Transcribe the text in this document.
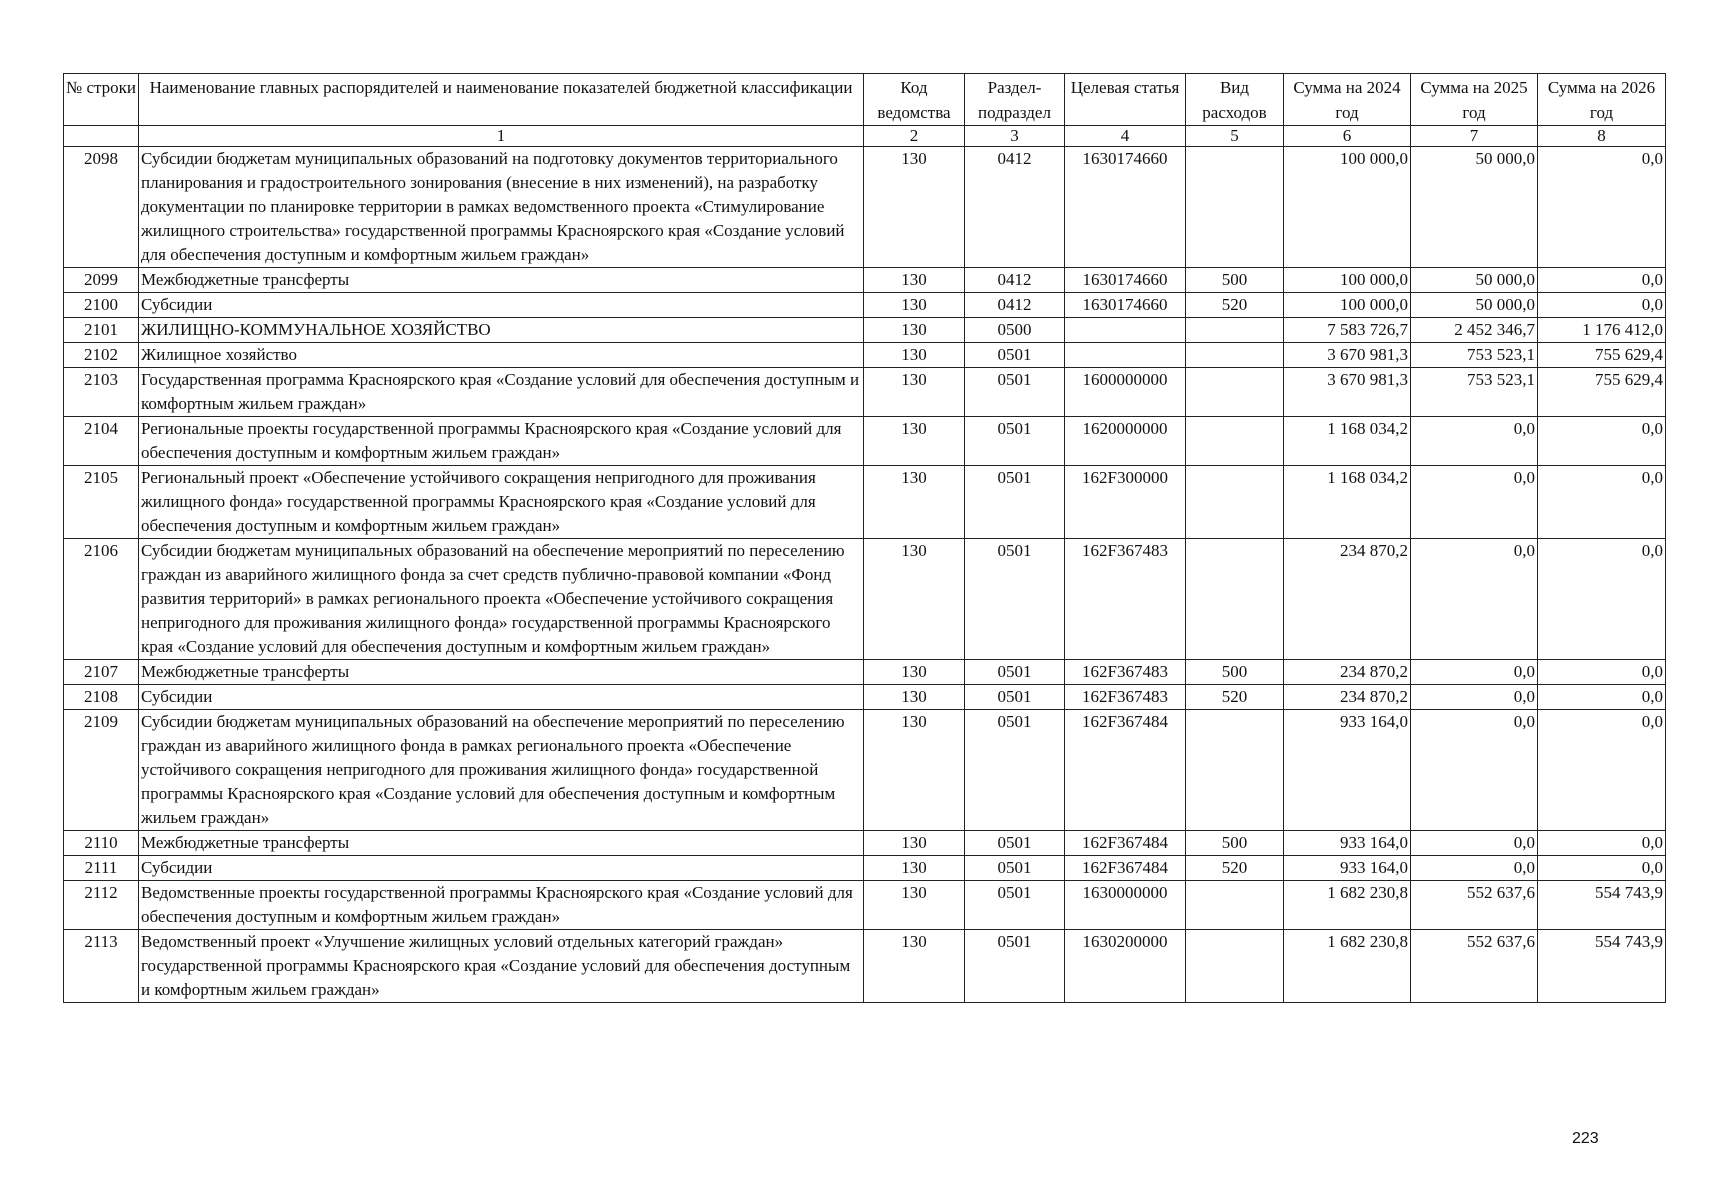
№ строки	Наименование главных распорядителей и наименование показателей бюджетной классификации	Код ведомства	Раздел-подраздел	Целевая статья	Вид расходов	Сумма на 2024 год	Сумма на 2025 год	Сумма на 2026 год
	1	2	3	4	5	6	7	8
2098	Субсидии бюджетам муниципальных образований на подготовку документов территориального планирования и градостроительного зонирования (внесение в них изменений), на разработку документации по планировке территории в рамках ведомственного проекта «Стимулирование жилищного строительства» государственной программы Красноярского края «Создание условий для обеспечения доступным и комфортным жильем граждан»	130	0412	1630174660		100 000,0	50 000,0	0,0
2099	Межбюджетные трансферты	130	0412	1630174660	500	100 000,0	50 000,0	0,0
2100	Субсидии	130	0412	1630174660	520	100 000,0	50 000,0	0,0
2101	ЖИЛИЩНО-КОММУНАЛЬНОЕ ХОЗЯЙСТВО	130	0500			7 583 726,7	2 452 346,7	1 176 412,0
2102	Жилищное хозяйство	130	0501			3 670 981,3	753 523,1	755 629,4
2103	Государственная программа Красноярского края «Создание условий для обеспечения доступным и комфортным жильем граждан»	130	0501	1600000000		3 670 981,3	753 523,1	755 629,4
2104	Региональные проекты государственной программы Красноярского края «Создание условий для обеспечения доступным и комфортным жильем граждан»	130	0501	1620000000		1 168 034,2	0,0	0,0
2105	Региональный проект «Обеспечение устойчивого сокращения непригодного для проживания жилищного фонда» государственной программы Красноярского края «Создание условий для обеспечения доступным и комфортным жильем граждан»	130	0501	162F300000		1 168 034,2	0,0	0,0
2106	Субсидии бюджетам муниципальных образований на обеспечение мероприятий по переселению граждан из аварийного жилищного фонда за счет средств публично-правовой компании «Фонд развития территорий» в рамках регионального проекта «Обеспечение устойчивого сокращения непригодного для проживания жилищного фонда» государственной программы Красноярского края «Создание условий для обеспечения доступным и комфортным жильем граждан»	130	0501	162F367483		234 870,2	0,0	0,0
2107	Межбюджетные трансферты	130	0501	162F367483	500	234 870,2	0,0	0,0
2108	Субсидии	130	0501	162F367483	520	234 870,2	0,0	0,0
2109	Субсидии бюджетам муниципальных образований на обеспечение мероприятий по переселению граждан из аварийного жилищного фонда в рамках регионального проекта «Обеспечение устойчивого сокращения непригодного для проживания жилищного фонда» государственной программы Красноярского края «Создание условий для обеспечения доступным и комфортным жильем граждан»	130	0501	162F367484		933 164,0	0,0	0,0
2110	Межбюджетные трансферты	130	0501	162F367484	500	933 164,0	0,0	0,0
2111	Субсидии	130	0501	162F367484	520	933 164,0	0,0	0,0
2112	Ведомственные проекты государственной программы Красноярского края «Создание условий для обеспечения доступным и комфортным жильем граждан»	130	0501	1630000000		1 682 230,8	552 637,6	554 743,9
2113	Ведомственный проект «Улучшение жилищных условий отдельных категорий граждан» государственной программы Красноярского края «Создание условий для обеспечения доступным и комфортным жильем граждан»	130	0501	1630200000		1 682 230,8	552 637,6	554 743,9
223
